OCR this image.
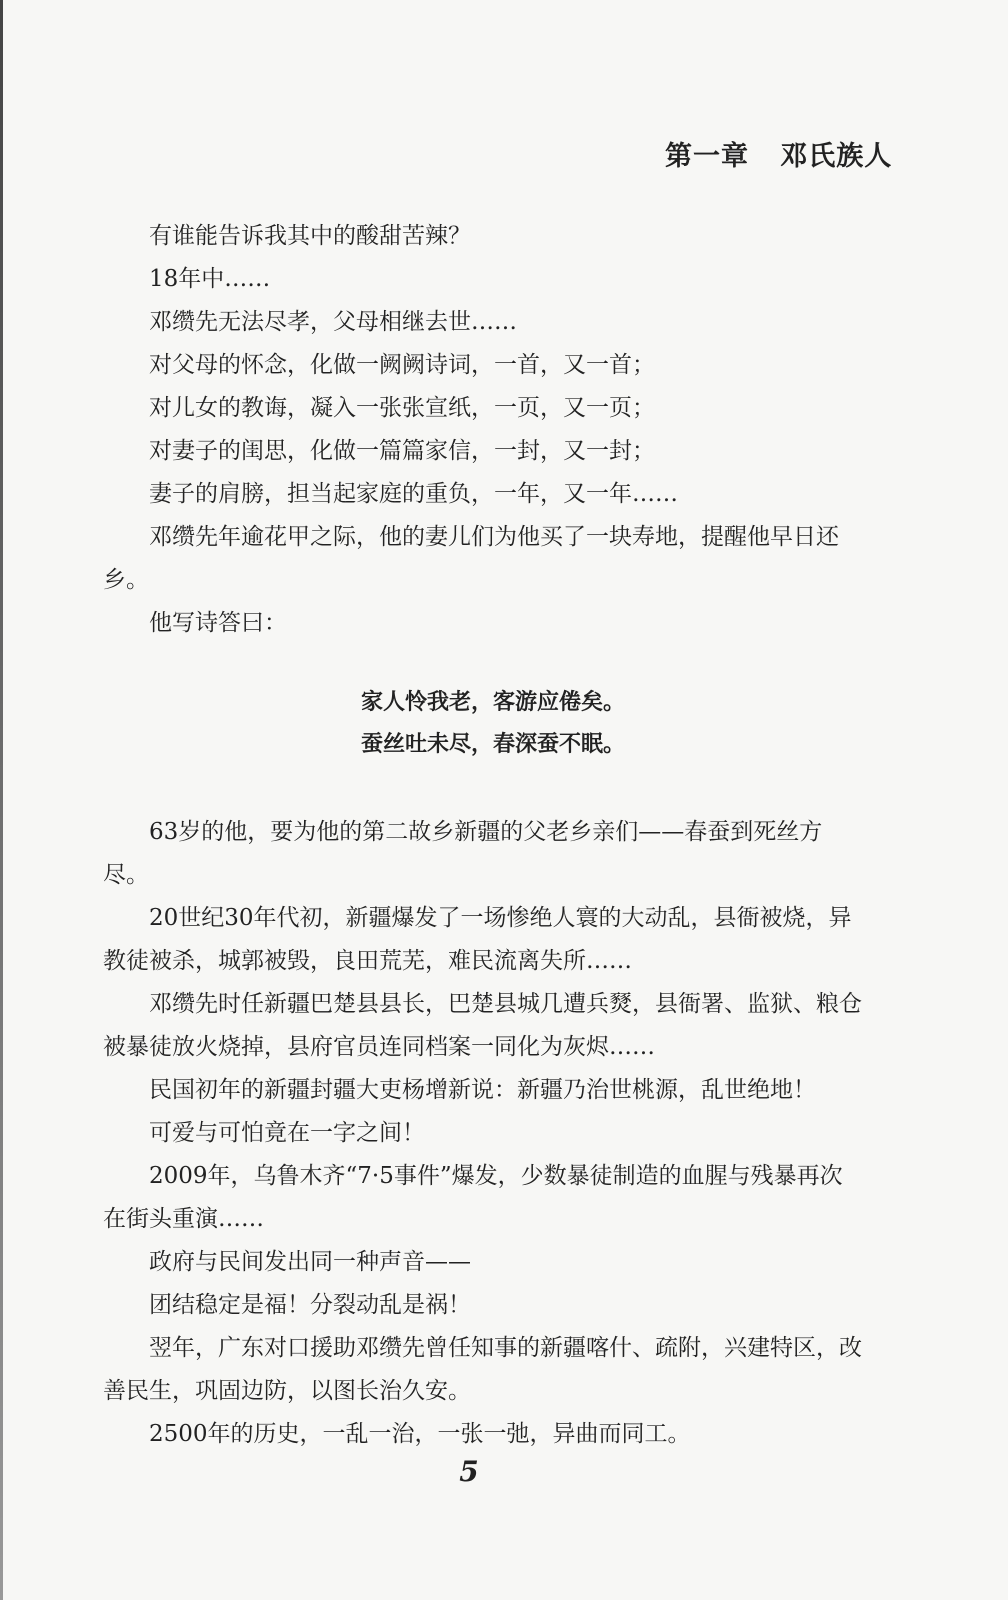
第一章 邓氏族人

有谁能告诉我其中的酸甜苦辣？

18年中……

邓缵先无法尽孝，父母相继去世……

对父母的怀念，化做一阙阙诗词，一首，又一首；

对儿女的教诲，凝入一张张宣纸，一页，又一页；

对妻子的闺思，化做一篇篇家信，一封，又一封；

妻子的肩膀，担当起家庭的重负，一年，又一年……

邓缵先年逾花甲之际，他的妻儿们为他买了一块寿地，提醒他早日还乡。

他写诗答曰：

家人怜我老，客游应倦矣。
蚕丝吐未尽，春深蚕不眠。

63岁的他，要为他的第二故乡新疆的父老乡亲们——春蚕到死丝方尽。

20世纪30年代初，新疆爆发了一场惨绝人寰的大动乱，县衙被烧，异教徒被杀，城郭被毁，良田荒芜，难民流离失所……

邓缵先时任新疆巴楚县县长，巴楚县城几遭兵燹，县衙署、监狱、粮仓被暴徒放火烧掉，县府官员连同档案一同化为灰烬……

民国初年的新疆封疆大吏杨增新说：新疆乃治世桃源，乱世绝地！

可爱与可怕竟在一字之间！

2009年，乌鲁木齐“7·5事件”爆发，少数暴徒制造的血腥与残暴再次在街头重演……

政府与民间发出同一种声音——

团结稳定是福！分裂动乱是祸！

翌年，广东对口援助邓缵先曾任知事的新疆喀什、疏附，兴建特区，改善民生，巩固边防，以图长治久安。

2500年的历史，一乱一治，一张一弛，异曲而同工。

5
